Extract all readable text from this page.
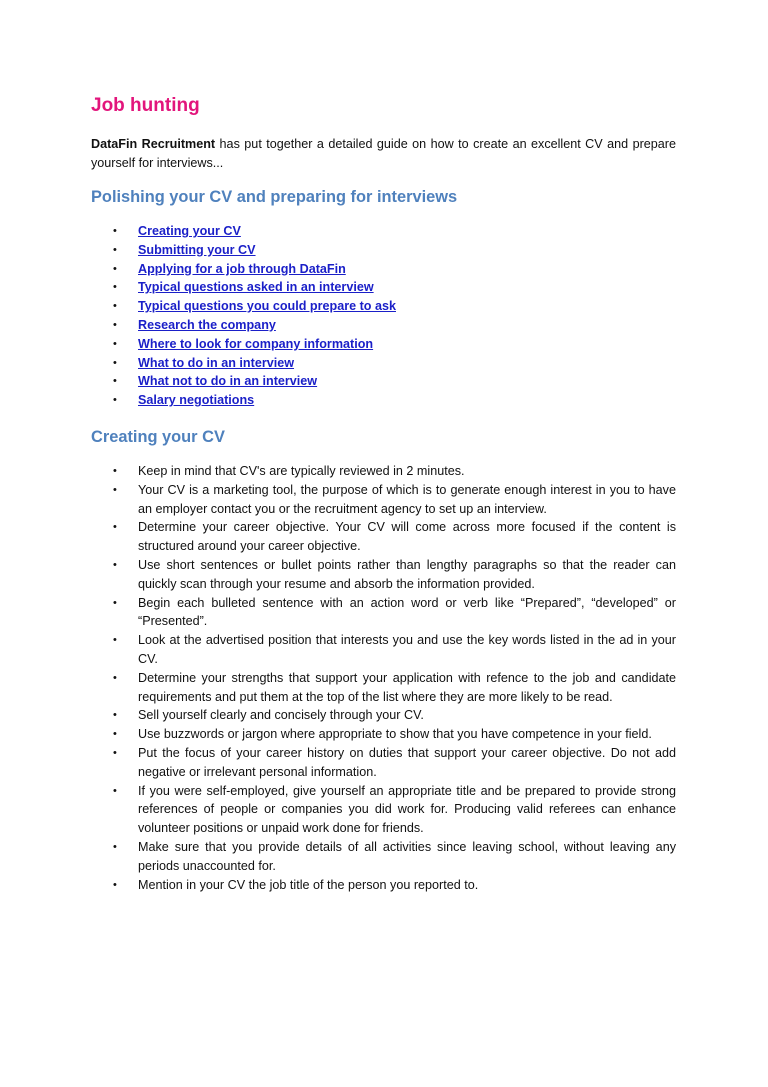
Job hunting

DataFin Recruitment has put together a detailed guide on how to create an excellent CV and prepare yourself for interviews...

Polishing your CV and preparing for interviews
• Creating your CV
• Submitting your CV
• Applying for a job through DataFin
• Typical questions asked in an interview
• Typical questions you could prepare to ask
• Research the company
• Where to look for company information
• What to do in an interview
• What not to do in an interview
• Salary negotiations
Creating your CV
• Keep in mind that CV's are typically reviewed in 2 minutes.
• Your CV is a marketing tool, the purpose of which is to generate enough interest in you to have an employer contact you or the recruitment agency to set up an interview.
• Determine your career objective. Your CV will come across more focused if the content is structured around your career objective.
• Use short sentences or bullet points rather than lengthy paragraphs so that the reader can quickly scan through your resume and absorb the information provided.
• Begin each bulleted sentence with an action word or verb like “Prepared”, “developed” or “Presented”.
• Look at the advertised position that interests you and use the key words listed in the ad in your CV.
• Determine your strengths that support your application with refence to the job and candidate requirements and put them at the top of the list where they are more likely to be read.
• Sell yourself clearly and concisely through your CV.
• Use buzzwords or jargon where appropriate to show that you have competence in your field.
• Put the focus of your career history on duties that support your career objective. Do not add negative or irrelevant personal information.
• If you were self-employed, give yourself an appropriate title and be prepared to provide strong references of people or companies you did work for. Producing valid referees can enhance volunteer positions or unpaid work done for friends.
• Make sure that you provide details of all activities since leaving school, without leaving any periods unaccounted for.
• Mention in your CV the job title of the person you reported to.
